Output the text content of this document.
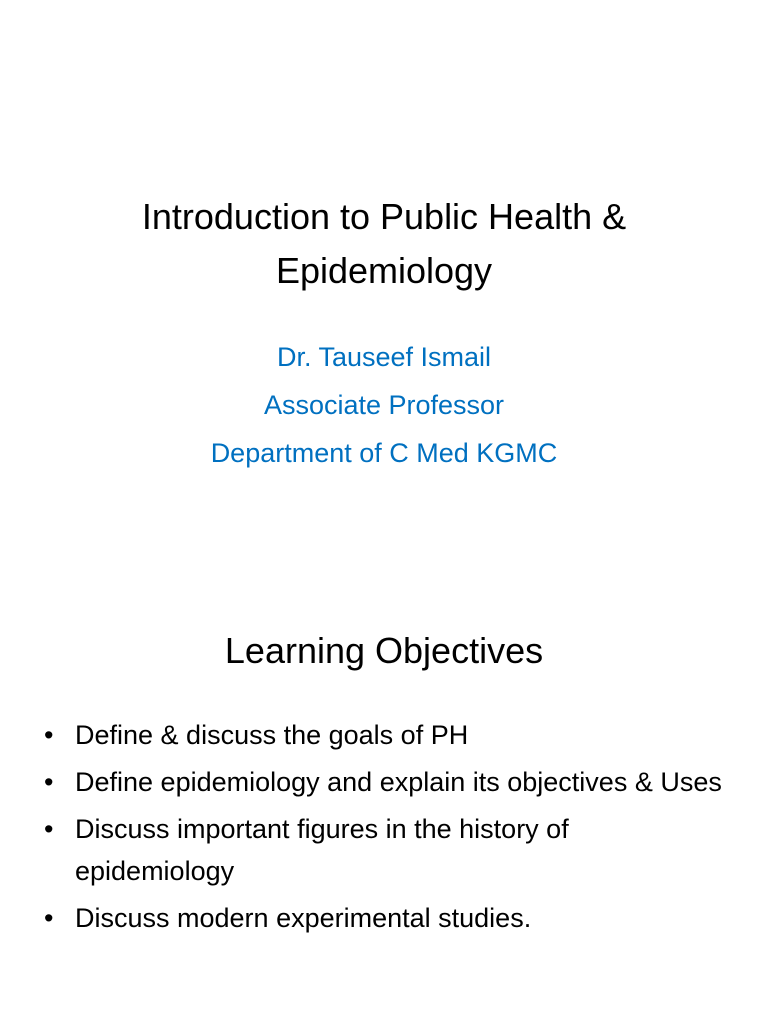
Introduction to Public Health &
Epidemiology
Dr. Tauseef Ismail
Associate Professor
Department of C Med KGMC
Learning Objectives
• Define & discuss the goals of PH
• Define epidemiology and explain its objectives & Uses
• Discuss important figures in the history of epidemiology
• Discuss modern experimental studies.
